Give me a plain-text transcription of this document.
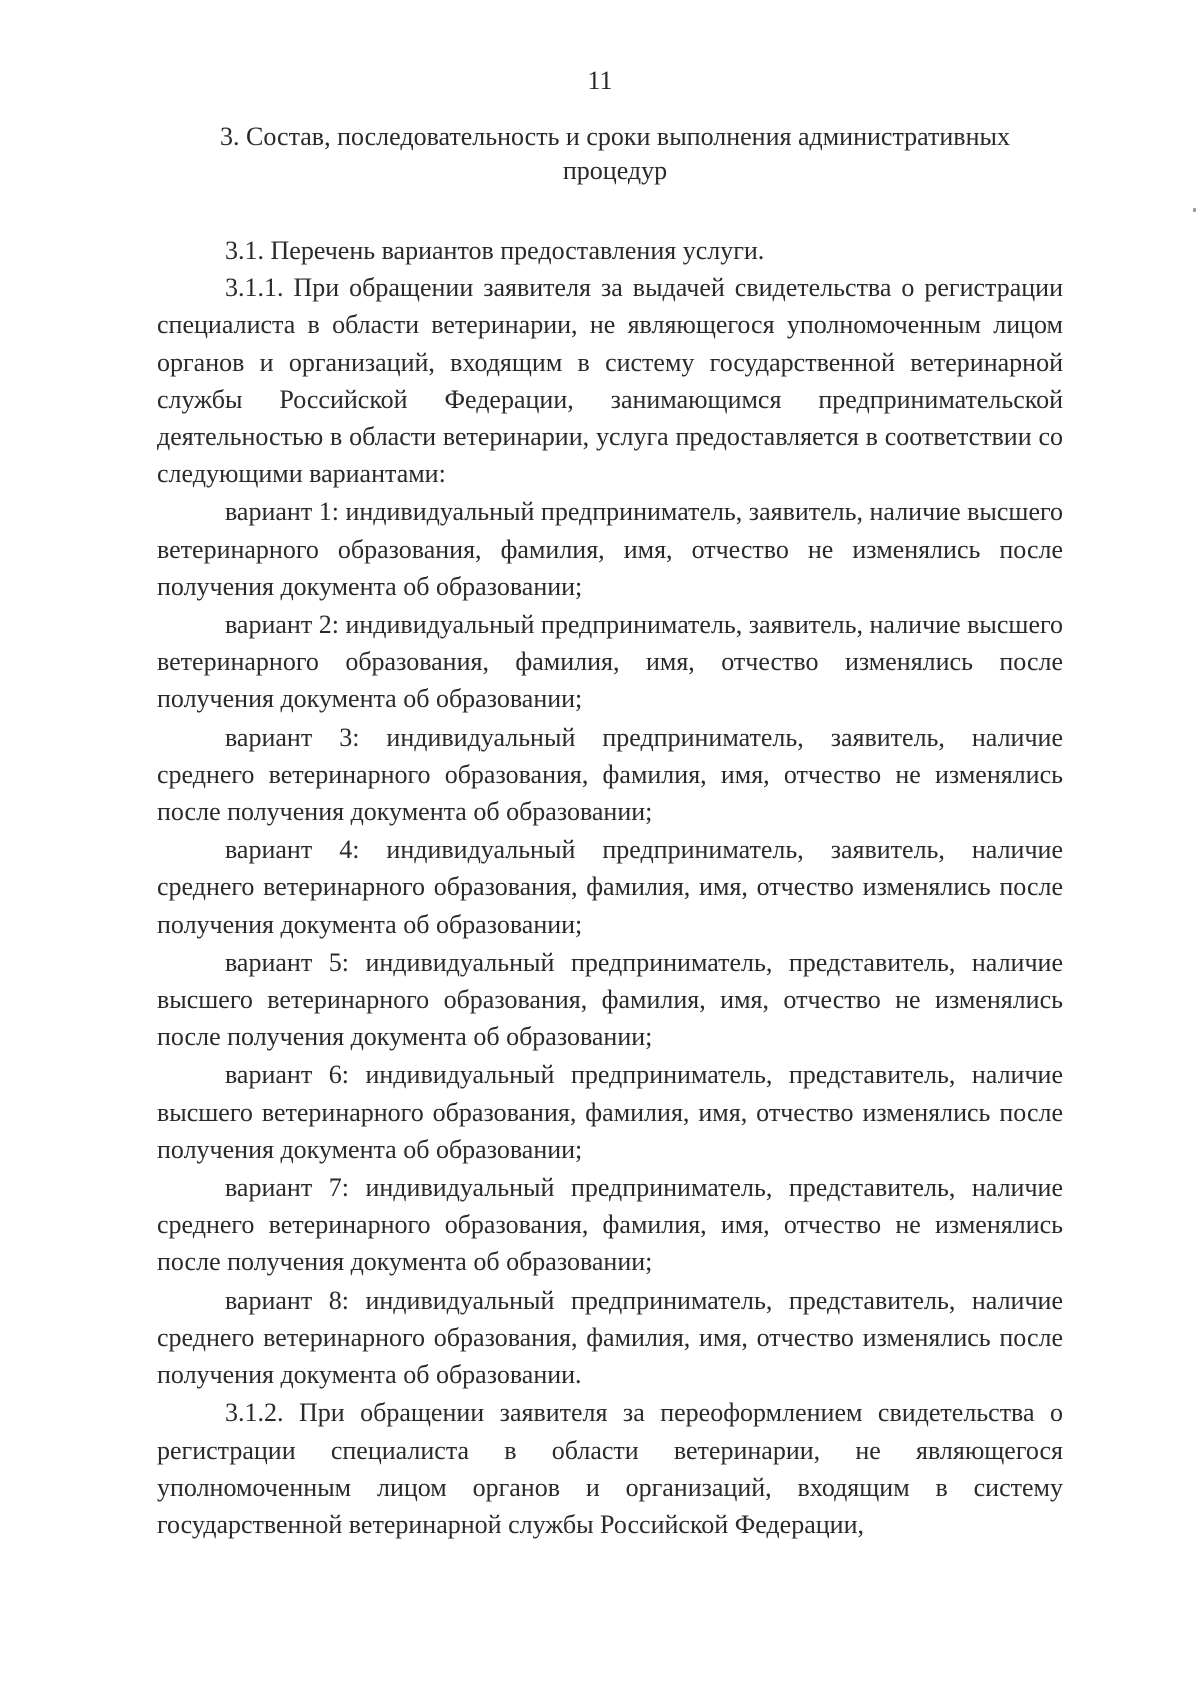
11
3. Состав, последовательность и сроки выполнения административных процедур

3.1. Перечень вариантов предоставления услуги.

3.1.1. При обращении заявителя за выдачей свидетельства о регистрации специалиста в области ветеринарии, не являющегося уполномоченным лицом органов и организаций, входящим в систему государственной ветеринарной службы Российской Федерации, занимающимся предпринимательской деятельностью в области ветеринарии, услуга предоставляется в соответствии со следующими вариантами:

вариант 1: индивидуальный предприниматель, заявитель, наличие высшего ветеринарного образования, фамилия, имя, отчество не изменялись после получения документа об образовании;

вариант 2: индивидуальный предприниматель, заявитель, наличие высшего ветеринарного образования, фамилия, имя, отчество изменялись после получения документа об образовании;

вариант 3: индивидуальный предприниматель, заявитель, наличие среднего ветеринарного образования, фамилия, имя, отчество не изменялись после получения документа об образовании;

вариант 4: индивидуальный предприниматель, заявитель, наличие среднего ветеринарного образования, фамилия, имя, отчество изменялись после получения документа об образовании;

вариант 5: индивидуальный предприниматель, представитель, наличие высшего ветеринарного образования, фамилия, имя, отчество не изменялись после получения документа об образовании;

вариант 6: индивидуальный предприниматель, представитель, наличие высшего ветеринарного образования, фамилия, имя, отчество изменялись после получения документа об образовании;

вариант 7: индивидуальный предприниматель, представитель, наличие среднего ветеринарного образования, фамилия, имя, отчество не изменялись после получения документа об образовании;

вариант 8: индивидуальный предприниматель, представитель, наличие среднего ветеринарного образования, фамилия, имя, отчество изменялись после получения документа об образовании.

3.1.2. При обращении заявителя за переоформлением свидетельства о регистрации специалиста в области ветеринарии, не являющегося уполномоченным лицом органов и организаций, входящим в систему государственной ветеринарной службы Российской Федерации,
